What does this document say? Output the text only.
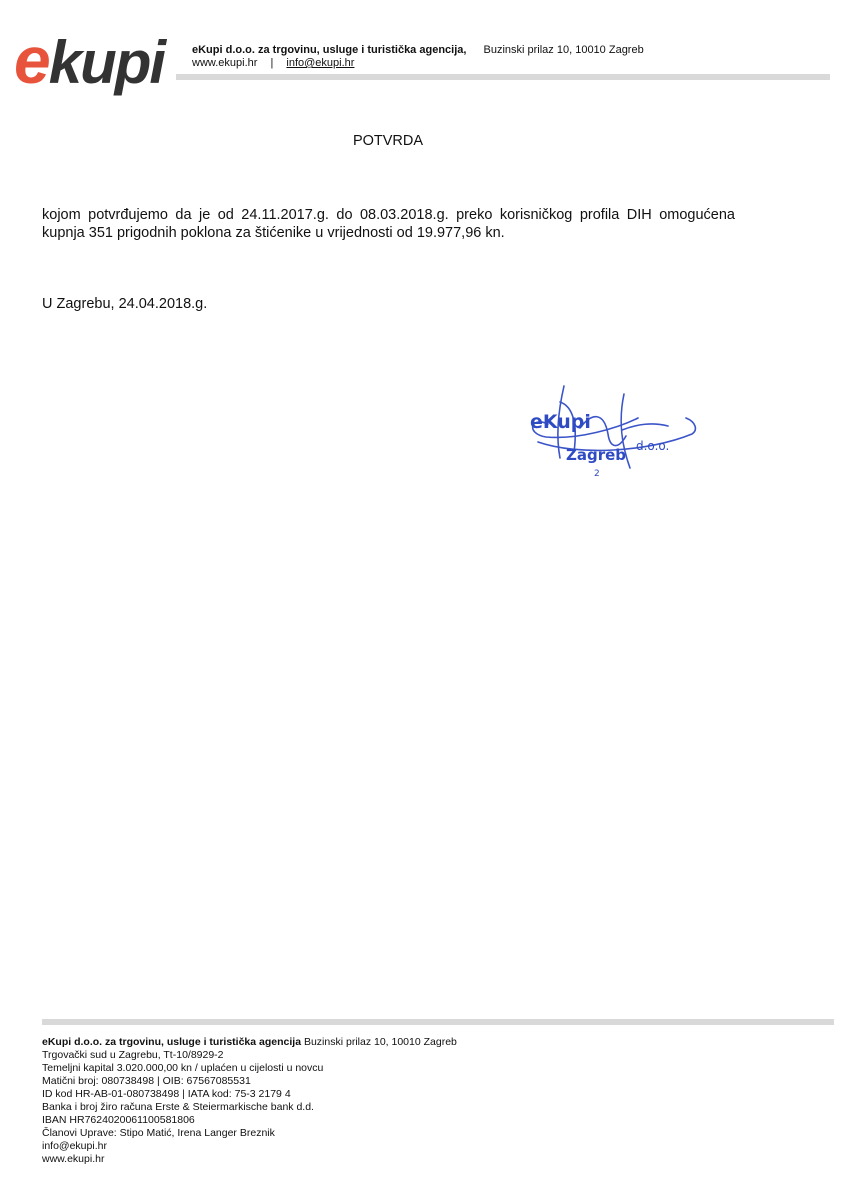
ekupi	eKupi d.o.o. za trgovinu, usluge i turistička agencija, Buzinski prilaz 10, 10010 Zagreb
www.ekupi.hr | info@ekupi.hr
POTVRDA
kojom potvrđujemo da je od 24.11.2017.g. do 08.03.2018.g. preko korisničkog profila DIH omogućena kupnja 351 prigodnih poklona za štićenike u vrijednosti od 19.977,96 kn.
U Zagrebu, 24.04.2018.g.
eKupi
d.o.o.
Zagreb
2
eKupi d.o.o. za trgovinu, usluge i turistička agencija Buzinski prilaz 10, 10010 Zagreb
Trgovački sud u Zagrebu, Tt-10/8929-2
Temeljni kapital 3.020.000,00 kn / uplaćen u cijelosti u novcu
Matični broj: 080738498 | OIB: 67567085531
ID kod HR-AB-01-080738498 | IATA kod: 75-3 2179 4
Banka i broj žiro računa Erste & Steiermarkische bank d.d.
IBAN HR7624020061100581806
Članovi Uprave: Stipo Matić, Irena Langer Breznik
info@ekupi.hr
www.ekupi.hr
